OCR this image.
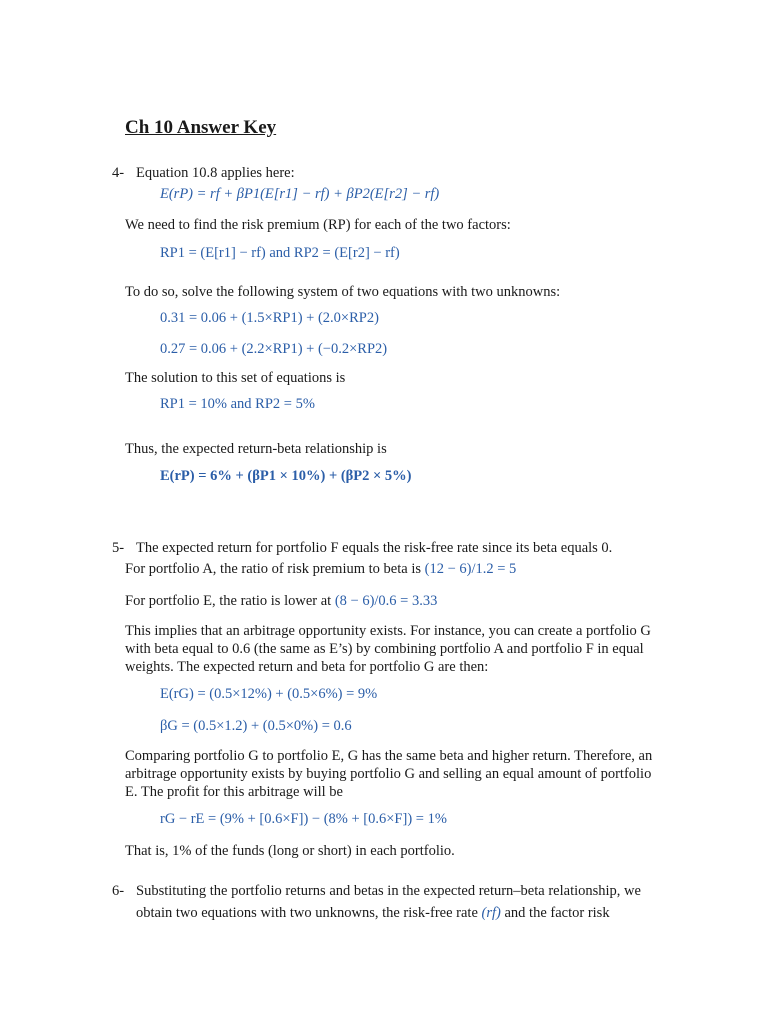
Ch 10 Answer Key
4- Equation 10.8 applies here:
E(rP) = rf + βP1(E[r1] − rf) + βP2(E[r2] − rf)
We need to find the risk premium (RP) for each of the two factors:
RP1 = (E[r1] − rf) and RP2 = (E[r2] − rf)
To do so, solve the following system of two equations with two unknowns:
0.31 = 0.06 + (1.5×RP1) + (2.0×RP2)
0.27 = 0.06 + (2.2×RP1) + (−0.2×RP2)
The solution to this set of equations is
RP1 = 10% and RP2 = 5%
Thus, the expected return-beta relationship is
E(rP) = 6% + (βP1 × 10%) + (βP2 × 5%)
5- The expected return for portfolio F equals the risk-free rate since its beta equals 0.
For portfolio A, the ratio of risk premium to beta is (12 − 6)/1.2 = 5
For portfolio E, the ratio is lower at (8 − 6)/0.6 = 3.33
This implies that an arbitrage opportunity exists. For instance, you can create a portfolio G
with beta equal to 0.6 (the same as E’s) by combining portfolio A and portfolio F in equal
weights. The expected return and beta for portfolio G are then:
E(rG) = (0.5×12%) + (0.5×6%) = 9%
βG = (0.5×1.2) + (0.5×0%) = 0.6
Comparing portfolio G to portfolio E, G has the same beta and higher return. Therefore, an
arbitrage opportunity exists by buying portfolio G and selling an equal amount of portfolio
E. The profit for this arbitrage will be
rG − rE = (9% + [0.6×F]) − (8% + [0.6×F]) = 1%
That is, 1% of the funds (long or short) in each portfolio.
6- Substituting the portfolio returns and betas in the expected return–beta relationship, we
obtain two equations with two unknowns, the risk-free rate (rf) and the factor risk
